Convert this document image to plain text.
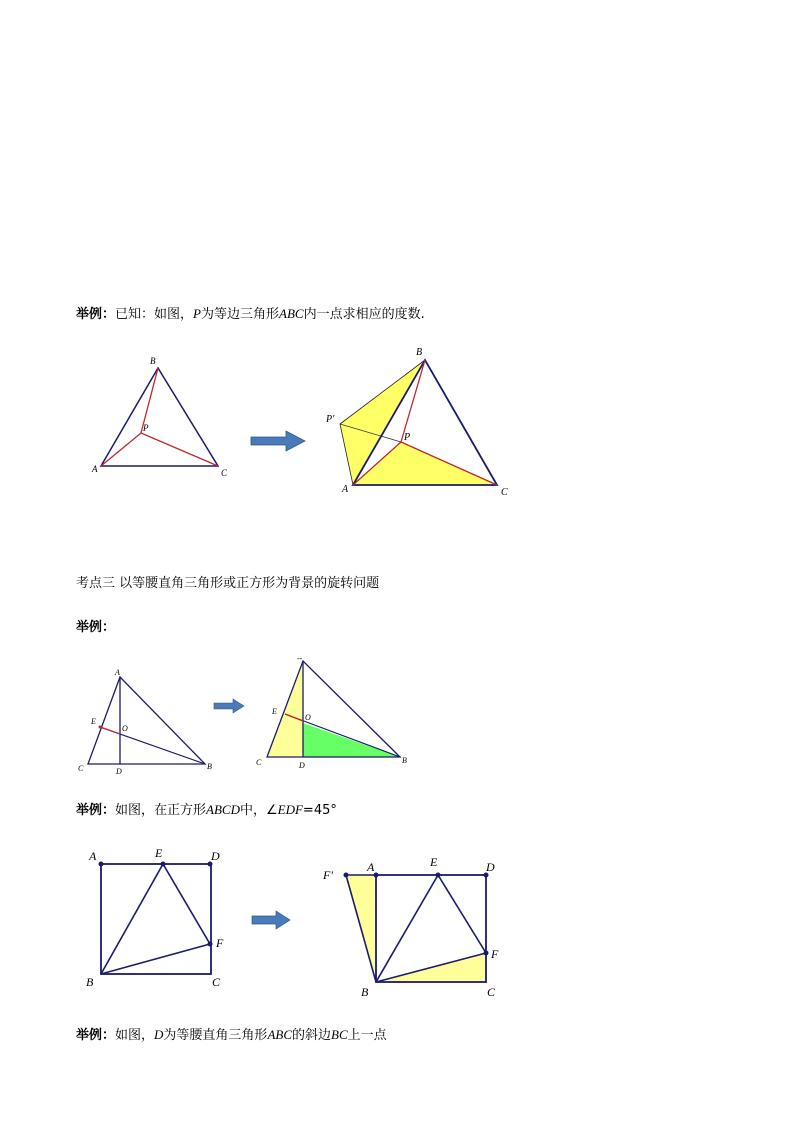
举例：已知：如图，P为等边三角形ABC内一点求相应的度数.
考点三 以等腰直角三角形或正方形为背景的旋转问题
举例：
举例：如图，在正方形ABCD中，∠EDF=45°
举例：如图，D为等腰直角三角形ABC的斜边BC上一点
A
B
C
P
A
B
C
P
P′
A
B
C	D
E
O
--
B
C	D
E
O
A	E	D
F
B	C
F′
A	E	D
F
B	C
